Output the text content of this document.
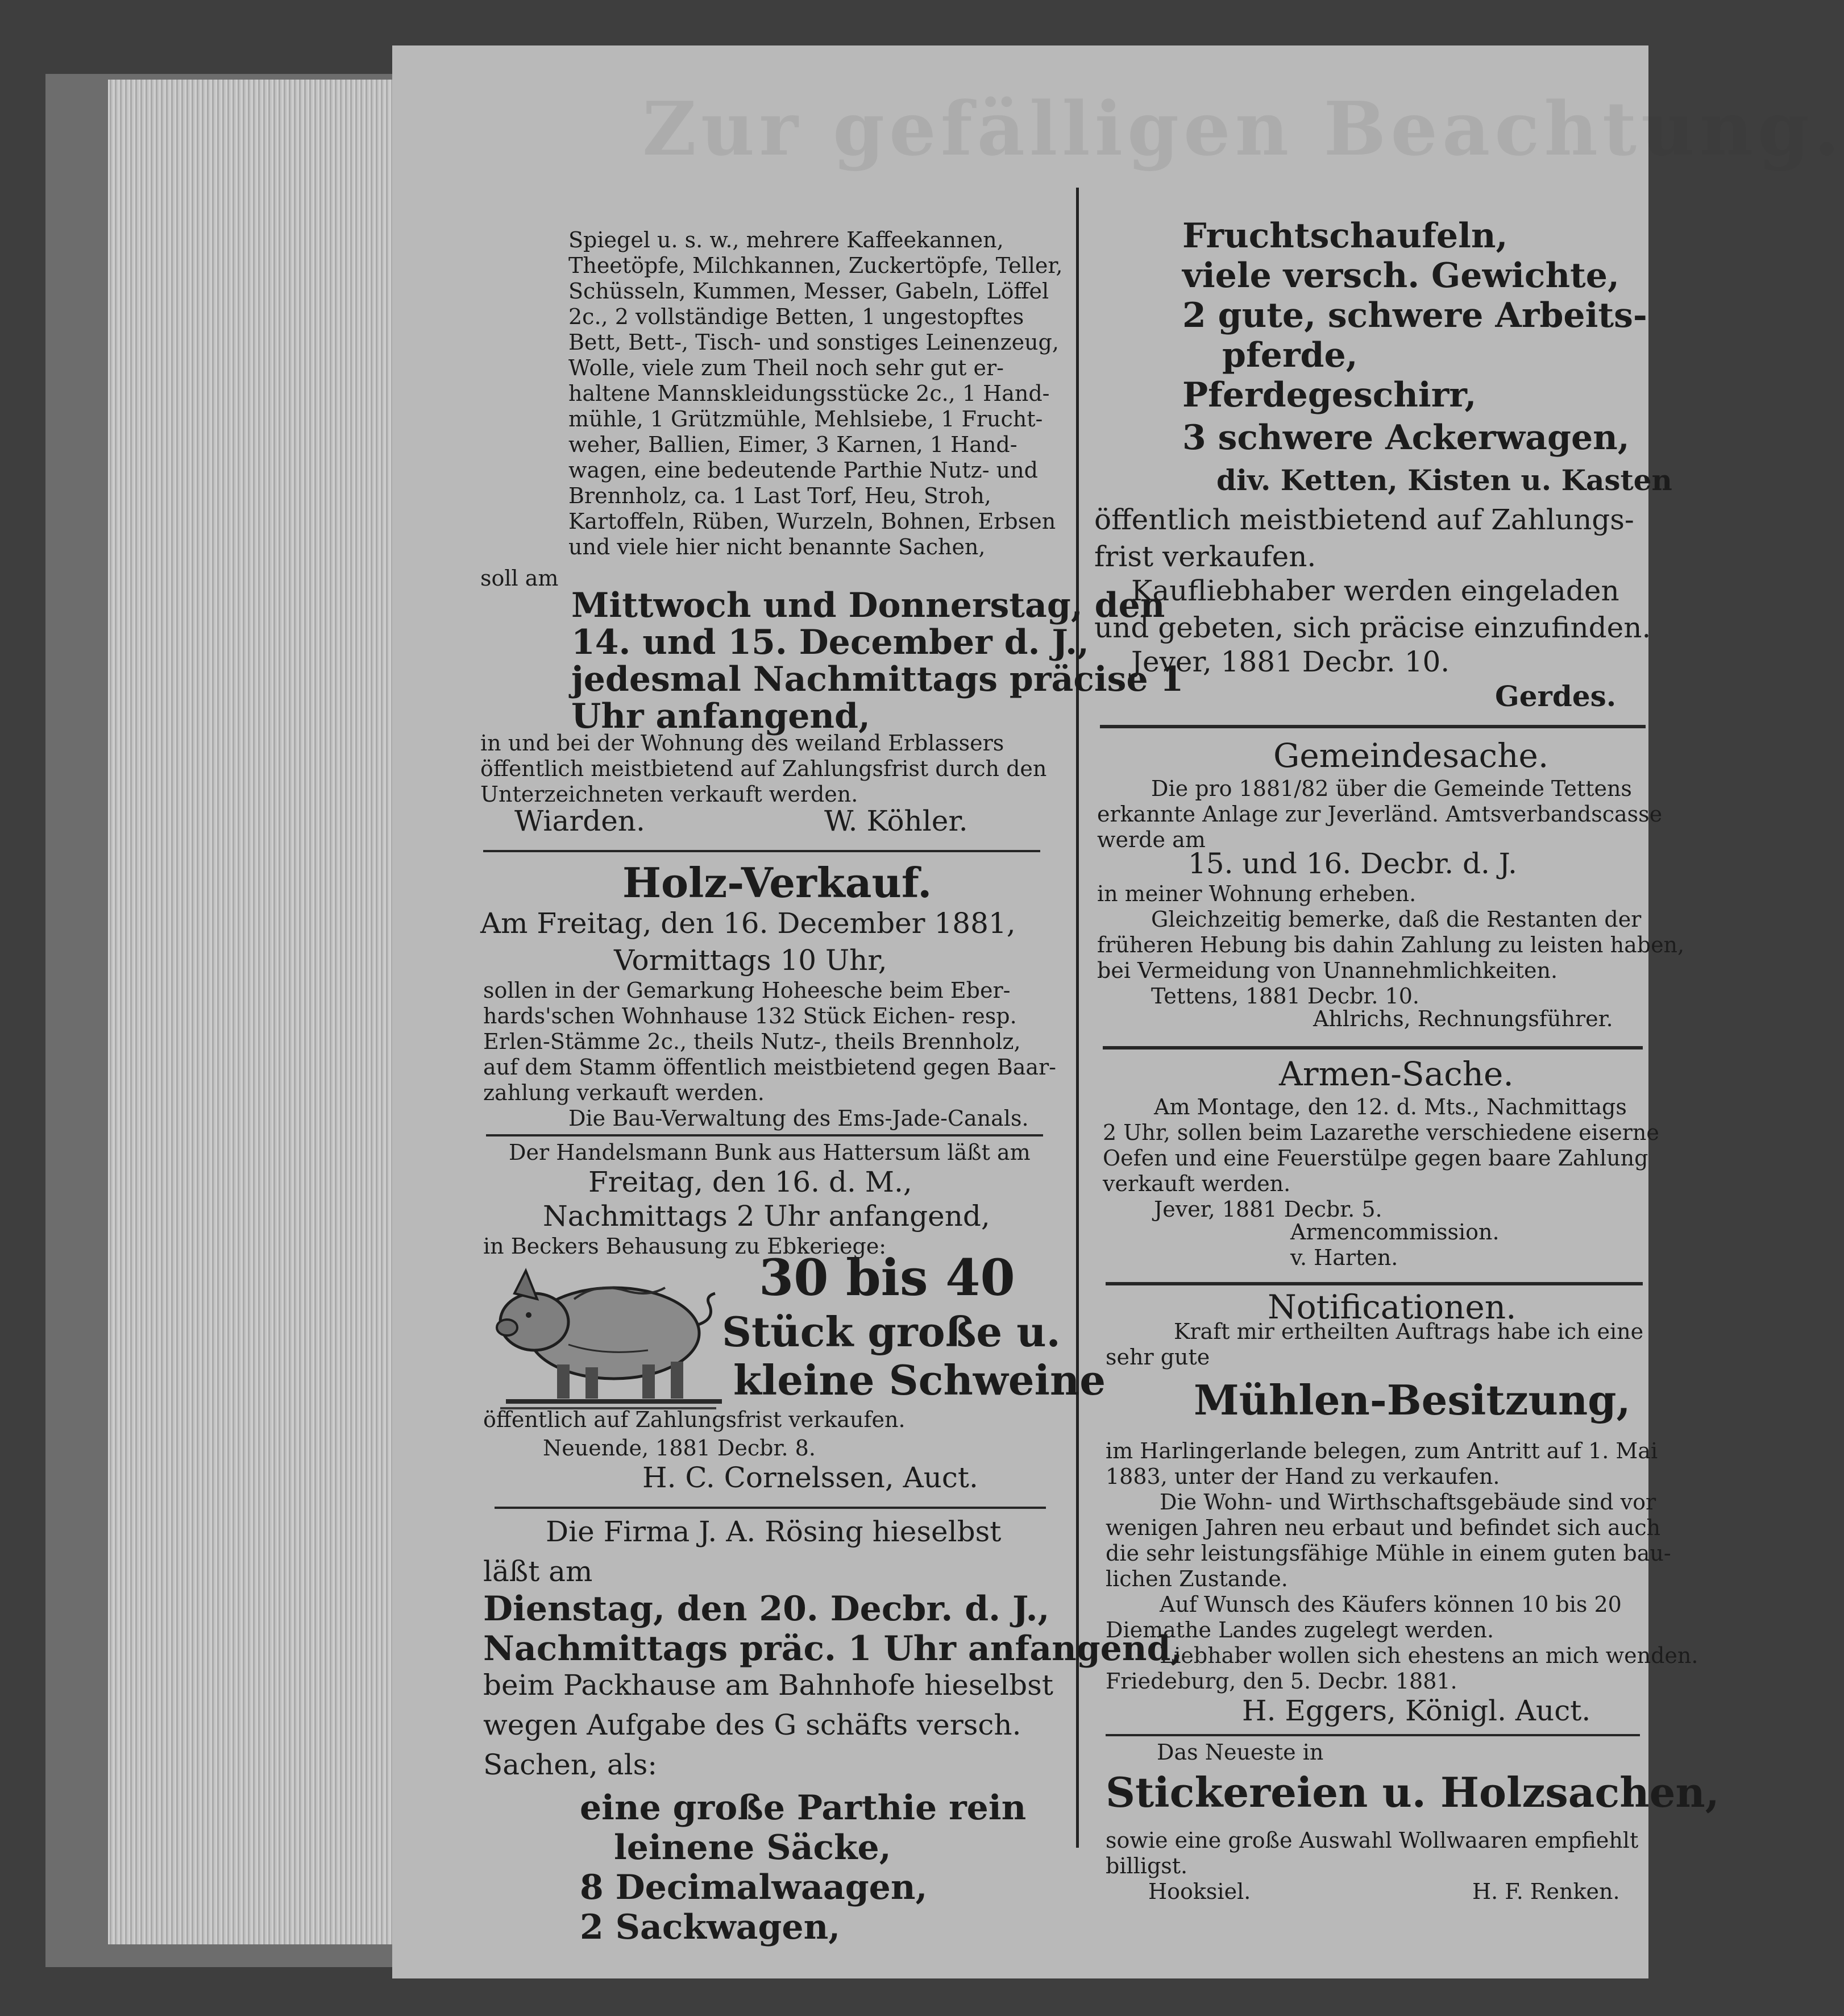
Zur gefälligen Beachtung.
Spiegel u. s. w., mehrere Kaffeekannen,
Theetöpfe, Milchkannen, Zuckertöpfe, Teller,
Schüsseln, Kummen, Messer, Gabeln, Löffel
2c., 2 vollständige Betten, 1 ungestopftes
Bett, Bett-, Tisch- und sonstiges Leinenzeug,
Wolle, viele zum Theil noch sehr gut er-
haltene Mannskleidungsstücke 2c., 1 Hand-
mühle, 1 Grützmühle, Mehlsiebe, 1 Frucht-
weher, Ballien, Eimer, 3 Karnen, 1 Hand-
wagen, eine bedeutende Parthie Nutz- und
Brennholz, ca. 1 Last Torf, Heu, Stroh,
Kartoffeln, Rüben, Wurzeln, Bohnen, Erbsen
und viele hier nicht benannte Sachen,
soll am
Mittwoch und Donnerstag, den
14. und 15. December d. J.,
jedesmal Nachmittags präcise 1
Uhr anfangend,
in und bei der Wohnung des weiland Erblassers
öffentlich meistbietend auf Zahlungsfrist durch den
Unterzeichneten verkauft werden.
Wiarden.	W. Köhler.
Holz-Verkauf.
Am Freitag, den 16. December 1881,
Vormittags 10 Uhr,
sollen in der Gemarkung Hoheesche beim Eber-
hards'schen Wohnhause 132 Stück Eichen- resp.
Erlen-Stämme 2c., theils Nutz-, theils Brennholz,
auf dem Stamm öffentlich meistbietend gegen Baar-
zahlung verkauft werden.
Die Bau-Verwaltung des Ems-Jade-Canals.
Der Handelsmann Bunk aus Hattersum läßt am
Freitag, den 16. d. M.,
Nachmittags 2 Uhr anfangend,
in Beckers Behausung zu Ebkeriege:
30 bis 40
Stück große u.
kleine Schweine
öffentlich auf Zahlungsfrist verkaufen.
Neuende, 1881 Decbr. 8.
H. C. Cornelssen, Auct.
Die Firma J. A. Rösing hieselbst
läßt am
Dienstag, den 20. Decbr. d. J.,
Nachmittags präc. 1 Uhr anfangend,
beim Packhause am Bahnhofe hieselbst
wegen Aufgabe des G schäfts versch.
Sachen, als:
eine große Parthie rein
leinene Säcke,
8 Decimalwaagen,
2 Sackwagen,
Fruchtschaufeln,
viele versch. Gewichte,
2 gute, schwere Arbeits-
pferde,
Pferdegeschirr,
3 schwere Ackerwagen,
div. Ketten, Kisten u. Kasten
öffentlich meistbietend auf Zahlungs-
frist verkaufen.
Kaufliebhaber werden eingeladen
und gebeten, sich präcise einzufinden.
Jever, 1881 Decbr. 10.
Gerdes.
Gemeindesache.
Die pro 1881/82 über die Gemeinde Tettens
erkannte Anlage zur Jeverländ. Amtsverbandscasse
werde am
15. und 16. Decbr. d. J.
in meiner Wohnung erheben.
Gleichzeitig bemerke, daß die Restanten der
früheren Hebung bis dahin Zahlung zu leisten haben,
bei Vermeidung von Unannehmlichkeiten.
Tettens, 1881 Decbr. 10.
Ahlrichs, Rechnungsführer.
Armen-Sache.
Am Montage, den 12. d. Mts., Nachmittags
2 Uhr, sollen beim Lazarethe verschiedene eiserne
Oefen und eine Feuerstülpe gegen baare Zahlung
verkauft werden.
Jever, 1881 Decbr. 5.
Armencommission.
v. Harten.
Notificationen.
Kraft mir ertheilten Auftrags habe ich eine
sehr gute
Mühlen-Besitzung,
im Harlingerlande belegen, zum Antritt auf 1. Mai
1883, unter der Hand zu verkaufen.
Die Wohn- und Wirthschaftsgebäude sind vor
wenigen Jahren neu erbaut und befindet sich auch
die sehr leistungsfähige Mühle in einem guten bau-
lichen Zustande.
Auf Wunsch des Käufers können 10 bis 20
Diemathe Landes zugelegt werden.
Liebhaber wollen sich ehestens an mich wenden.
Friedeburg, den 5. Decbr. 1881.
H. Eggers, Königl. Auct.
Das Neueste in
Stickereien u. Holzsachen,
sowie eine große Auswahl Wollwaaren empfiehlt
billigst.
Hooksiel.	H. F. Renken.
